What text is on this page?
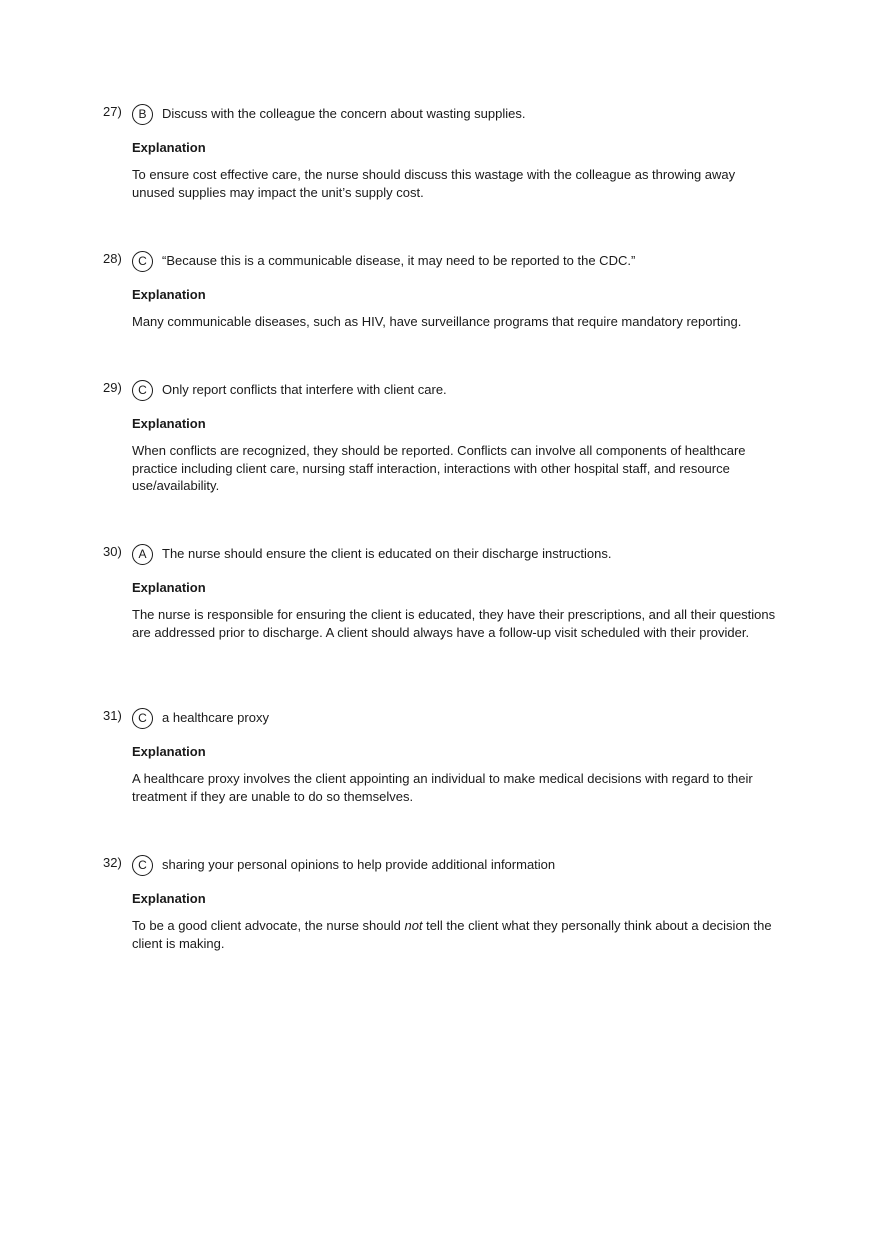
27)	B	Discuss with the colleague the concern about wasting supplies.
Explanation
To ensure cost effective care, the nurse should discuss this wastage with the colleague as throwing away unused supplies may impact the unit’s supply cost.
28)	C	“Because this is a communicable disease, it may need to be reported to the CDC.”
Explanation
Many communicable diseases, such as HIV, have surveillance programs that require mandatory reporting.
29)	C	Only report conflicts that interfere with client care.
Explanation
When conflicts are recognized, they should be reported. Conflicts can involve all components of healthcare practice including client care, nursing staff interaction, interactions with other hospital staff, and resource use/availability.
30)	A	The nurse should ensure the client is educated on their discharge instructions.
Explanation
The nurse is responsible for ensuring the client is educated, they have their prescriptions, and all their questions are addressed prior to discharge. A client should always have a follow-up visit scheduled with their provider.
31)	C	a healthcare proxy
Explanation
A healthcare proxy involves the client appointing an individual to make medical decisions with regard to their treatment if they are unable to do so themselves.
32)	C	sharing your personal opinions to help provide additional information
Explanation
To be a good client advocate, the nurse should not tell the client what they personally think about a decision the client is making.
